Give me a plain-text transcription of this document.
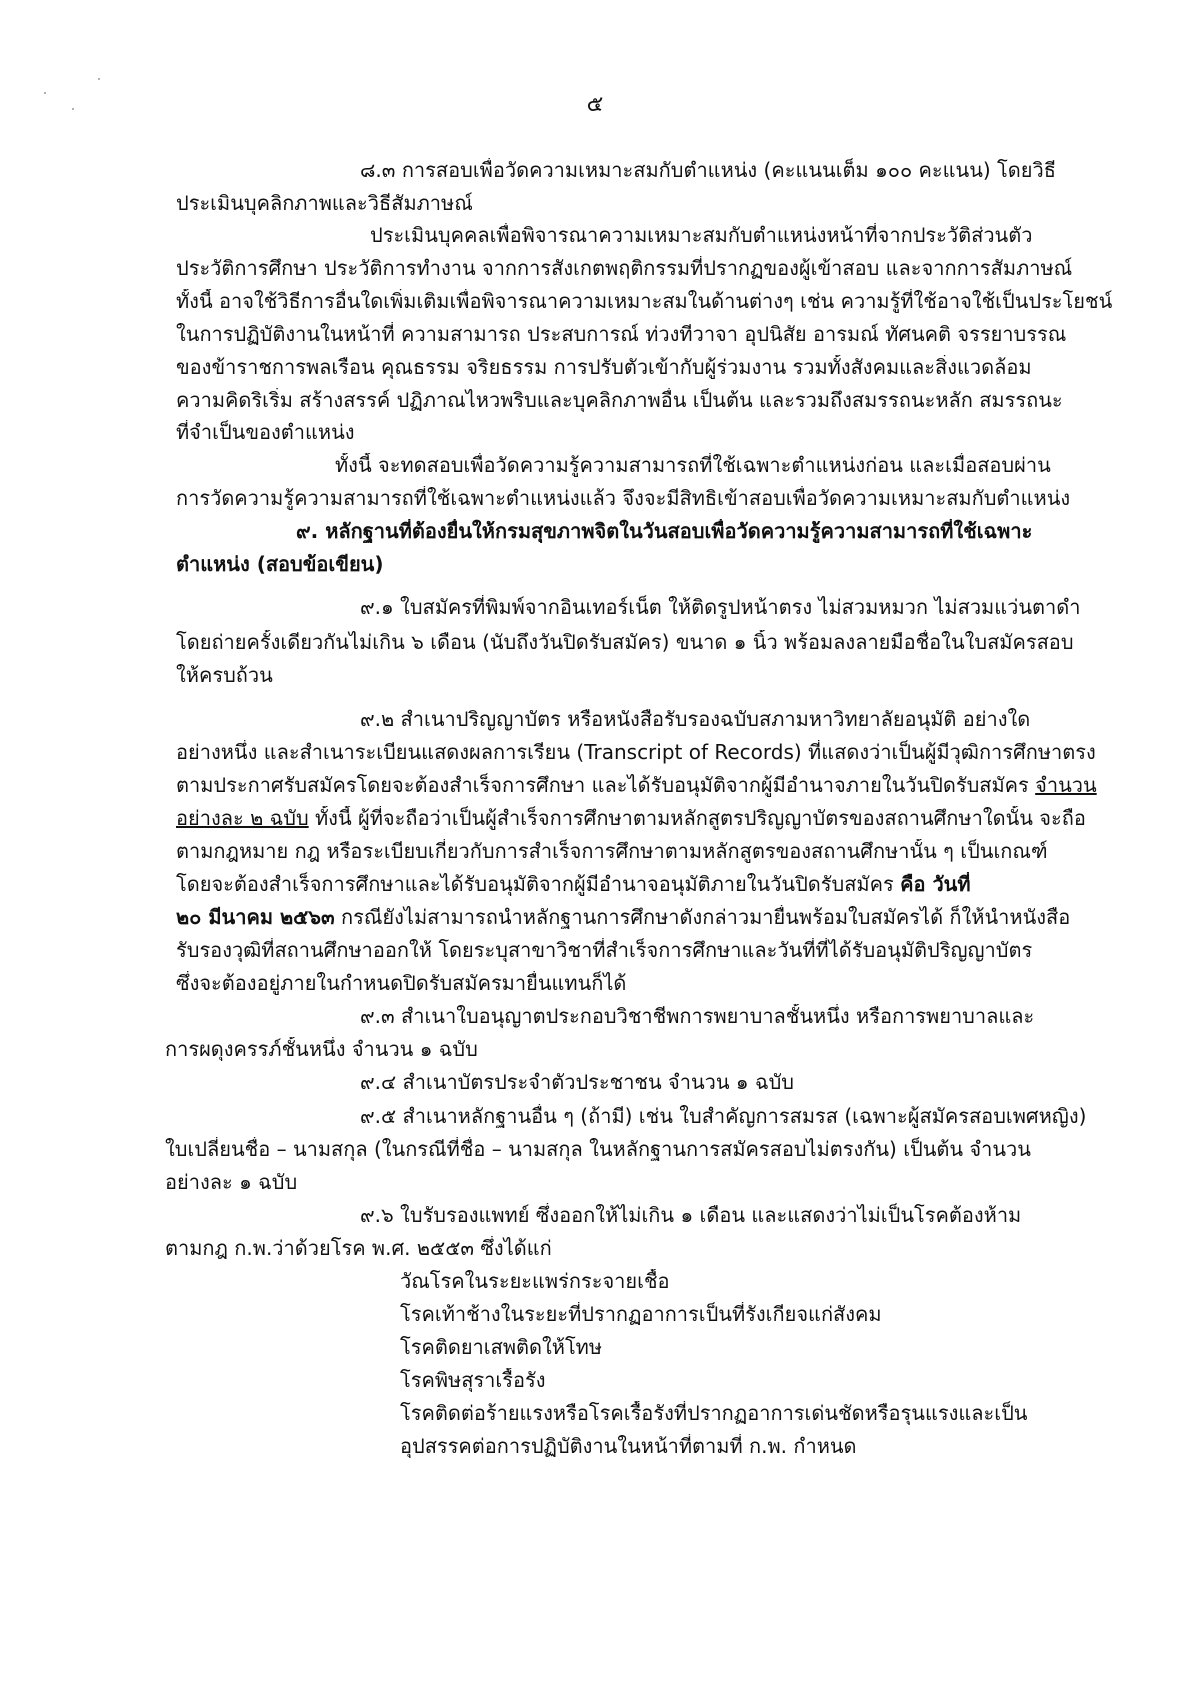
๕
๘.๓ การสอบเพื่อวัดความเหมาะสมกับตำแหน่ง (คะแนนเต็ม ๑๐๐ คะแนน) โดยวิธี
ประเมินบุคลิกภาพและวิธีสัมภาษณ์
ประเมินบุคคลเพื่อพิจารณาความเหมาะสมกับตำแหน่งหน้าที่จากประวัติส่วนตัว
ประวัติการศึกษา ประวัติการทำงาน จากการสังเกตพฤติกรรมที่ปรากฏของผู้เข้าสอบ และจากการสัมภาษณ์
ทั้งนี้ อาจใช้วิธีการอื่นใดเพิ่มเติมเพื่อพิจารณาความเหมาะสมในด้านต่างๆ เช่น ความรู้ที่ใช้อาจใช้เป็นประโยชน์
ในการปฏิบัติงานในหน้าที่ ความสามารถ ประสบการณ์ ท่วงทีวาจา อุปนิสัย อารมณ์ ทัศนคติ จรรยาบรรณ
ของข้าราชการพลเรือน คุณธรรม จริยธรรม การปรับตัวเข้ากับผู้ร่วมงาน รวมทั้งสังคมและสิ่งแวดล้อม
ความคิดริเริ่ม สร้างสรรค์ ปฏิภาณไหวพริบและบุคลิกภาพอื่น เป็นต้น และรวมถึงสมรรถนะหลัก สมรรถนะ
ที่จำเป็นของตำแหน่ง
ทั้งนี้ จะทดสอบเพื่อวัดความรู้ความสามารถที่ใช้เฉพาะตำแหน่งก่อน และเมื่อสอบผ่าน
การวัดความรู้ความสามารถที่ใช้เฉพาะตำแหน่งแล้ว จึงจะมีสิทธิเข้าสอบเพื่อวัดความเหมาะสมกับตำแหน่ง
๙. หลักฐานที่ต้องยื่นให้กรมสุขภาพจิตในวันสอบเพื่อวัดความรู้ความสามารถที่ใช้เฉพาะ
ตำแหน่ง (สอบข้อเขียน)
๙.๑ ใบสมัครที่พิมพ์จากอินเทอร์เน็ต ให้ติดรูปหน้าตรง ไม่สวมหมวก ไม่สวมแว่นตาดำ
โดยถ่ายครั้งเดียวกันไม่เกิน ๖ เดือน (นับถึงวันปิดรับสมัคร) ขนาด ๑ นิ้ว พร้อมลงลายมือชื่อในใบสมัครสอบ
ให้ครบถ้วน
๙.๒ สำเนาปริญญาบัตร หรือหนังสือรับรองฉบับสภามหาวิทยาลัยอนุมัติ อย่างใด
อย่างหนึ่ง และสำเนาระเบียนแสดงผลการเรียน (Transcript of Records) ที่แสดงว่าเป็นผู้มีวุฒิการศึกษาตรง
ตามประกาศรับสมัครโดยจะต้องสำเร็จการศึกษา และได้รับอนุมัติจากผู้มีอำนาจภายในวันปิดรับสมัคร จำนวน
อย่างละ ๒ ฉบับ ทั้งนี้ ผู้ที่จะถือว่าเป็นผู้สำเร็จการศึกษาตามหลักสูตรปริญญาบัตรของสถานศึกษาใดนั้น จะถือ
ตามกฎหมาย กฎ หรือระเบียบเกี่ยวกับการสำเร็จการศึกษาตามหลักสูตรของสถานศึกษานั้น ๆ เป็นเกณฑ์
โดยจะต้องสำเร็จการศึกษาและได้รับอนุมัติจากผู้มีอำนาจอนุมัติภายในวันปิดรับสมัคร คือ วันที่
๒๐ มีนาคม ๒๕๖๓ กรณียังไม่สามารถนำหลักฐานการศึกษาดังกล่าวมายื่นพร้อมใบสมัครได้ ก็ให้นำหนังสือ
รับรองวุฒิที่สถานศึกษาออกให้ โดยระบุสาขาวิชาที่สำเร็จการศึกษาและวันที่ที่ได้รับอนุมัติปริญญาบัตร
ซึ่งจะต้องอยู่ภายในกำหนดปิดรับสมัครมายื่นแทนก็ได้
๙.๓ สำเนาใบอนุญาตประกอบวิชาชีพการพยาบาลชั้นหนึ่ง หรือการพยาบาลและ
การผดุงครรภ์ชั้นหนึ่ง จำนวน ๑ ฉบับ
๙.๔ สำเนาบัตรประจำตัวประชาชน จำนวน ๑ ฉบับ
๙.๕ สำเนาหลักฐานอื่น ๆ (ถ้ามี) เช่น ใบสำคัญการสมรส (เฉพาะผู้สมัครสอบเพศหญิง)
ใบเปลี่ยนชื่อ – นามสกุล (ในกรณีที่ชื่อ – นามสกุล ในหลักฐานการสมัครสอบไม่ตรงกัน) เป็นต้น จำนวน
อย่างละ ๑ ฉบับ
๙.๖ ใบรับรองแพทย์ ซึ่งออกให้ไม่เกิน ๑ เดือน และแสดงว่าไม่เป็นโรคต้องห้าม
ตามกฎ ก.พ.ว่าด้วยโรค พ.ศ. ๒๕๕๓ ซึ่งได้แก่
วัณโรคในระยะแพร่กระจายเชื้อ
โรคเท้าช้างในระยะที่ปรากฏอาการเป็นที่รังเกียจแก่สังคม
โรคติดยาเสพติดให้โทษ
โรคพิษสุราเรื้อรัง
โรคติดต่อร้ายแรงหรือโรคเรื้อรังที่ปรากฏอาการเด่นชัดหรือรุนแรงและเป็น
อุปสรรคต่อการปฏิบัติงานในหน้าที่ตามที่ ก.พ. กำหนด
